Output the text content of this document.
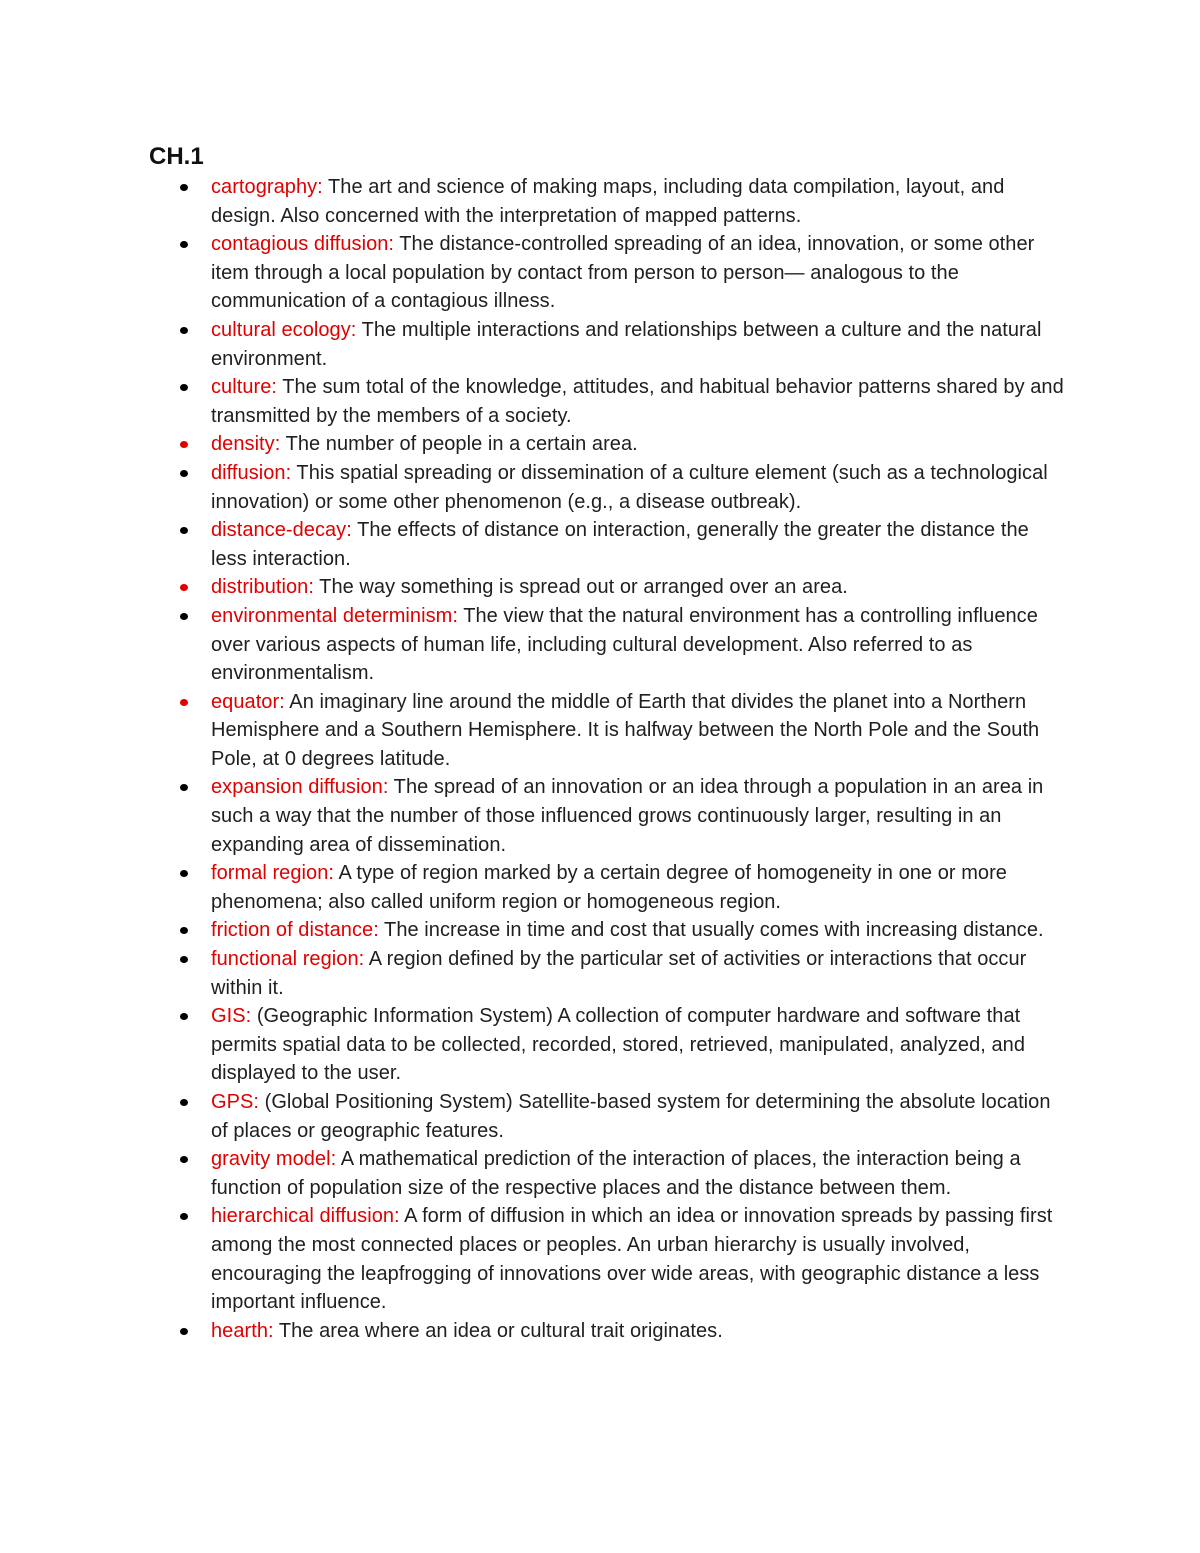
CH.1
cartography: The art and science of making maps, including data compilation, layout, and design. Also concerned with the interpretation of mapped patterns.
contagious diffusion: The distance-controlled spreading of an idea, innovation, or some other item through a local population by contact from person to person— analogous to the communication of a contagious illness.
cultural ecology: The multiple interactions and relationships between a culture and the natural environment.
culture: The sum total of the knowledge, attitudes, and habitual behavior patterns shared by and transmitted by the members of a society.
density: The number of people in a certain area.
diffusion: This spatial spreading or dissemination of a culture element (such as a technological innovation) or some other phenomenon (e.g., a disease outbreak).
distance-decay: The effects of distance on interaction, generally the greater the distance the less interaction.
distribution: The way something is spread out or arranged over an area.
environmental determinism: The view that the natural environment has a controlling influence over various aspects of human life, including cultural development. Also referred to as environmentalism.
equator: An imaginary line around the middle of Earth that divides the planet into a Northern Hemisphere and a Southern Hemisphere. It is halfway between the North Pole and the South Pole, at 0 degrees latitude.
expansion diffusion: The spread of an innovation or an idea through a population in an area in such a way that the number of those influenced grows continuously larger, resulting in an expanding area of dissemination.
formal region: A type of region marked by a certain degree of homogeneity in one or more phenomena; also called uniform region or homogeneous region.
friction of distance: The increase in time and cost that usually comes with increasing distance.
functional region: A region defined by the particular set of activities or interactions that occur within it.
GIS: (Geographic Information System) A collection of computer hardware and software that permits spatial data to be collected, recorded, stored, retrieved, manipulated, analyzed, and displayed to the user.
GPS: (Global Positioning System) Satellite-based system for determining the absolute location of places or geographic features.
gravity model: A mathematical prediction of the interaction of places, the interaction being a function of population size of the respective places and the distance between them.
hierarchical diffusion: A form of diffusion in which an idea or innovation spreads by passing first among the most connected places or peoples. An urban hierarchy is usually involved, encouraging the leapfrogging of innovations over wide areas, with geographic distance a less important influence.
hearth: The area where an idea or cultural trait originates.
